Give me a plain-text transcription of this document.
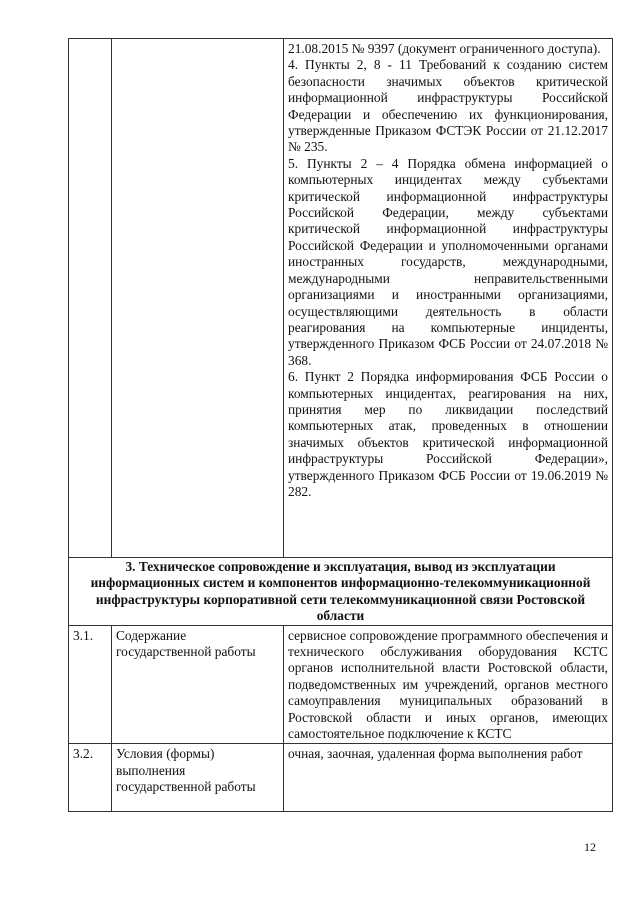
		21.08.2015 № 9397 (документ ограниченного доступа).

4. Пункты 2, 8 - 11 Требований к созданию систем безопасности значимых объектов критической информационной инфраструктуры Российской Федерации и обеспечению их функционирования, утвержденные Приказом ФСТЭК России от 21.12.2017 № 235.

5. Пункты 2 – 4 Порядка обмена информацией о компьютерных инцидентах между субъектами критической информационной инфраструктуры Российской Федерации, между субъектами критической информационной инфраструктуры Российской Федерации и уполномоченными органами иностранных государств, международными, международными неправительственными организациями и иностранными организациями, осуществляющими деятельность в области реагирования на компьютерные инциденты, утвержденного Приказом ФСБ России от 24.07.2018 № 368.

6. Пункт 2 Порядка информирования ФСБ России о компьютерных инцидентах, реагирования на них, принятия мер по ликвидации последствий компьютерных атак, проведенных в отношении значимых объектов критической информационной инфраструктуры Российской Федерации», утвержденного Приказом ФСБ России от 19.06.2019 № 282.

3. Техническое сопровождение и эксплуатация, вывод из эксплуатации информационных систем и компонентов информационно-телекоммуникационной инфраструктуры корпоративной сети телекоммуникационной связи Ростовской области		
3.1.	Содержание государственной работы	сервисное сопровождение программного обеспечения и технического обслуживания оборудования КСТС органов исполнительной власти Ростовской области, подведомственных им учреждений, органов местного самоуправления муниципальных образований в Ростовской области и иных органов, имеющих самостоятельное подключение к КСТС

3.2.	Условия (формы) выполнения государственной работы	очная, заочная, удаленная форма выполнения работ

12
